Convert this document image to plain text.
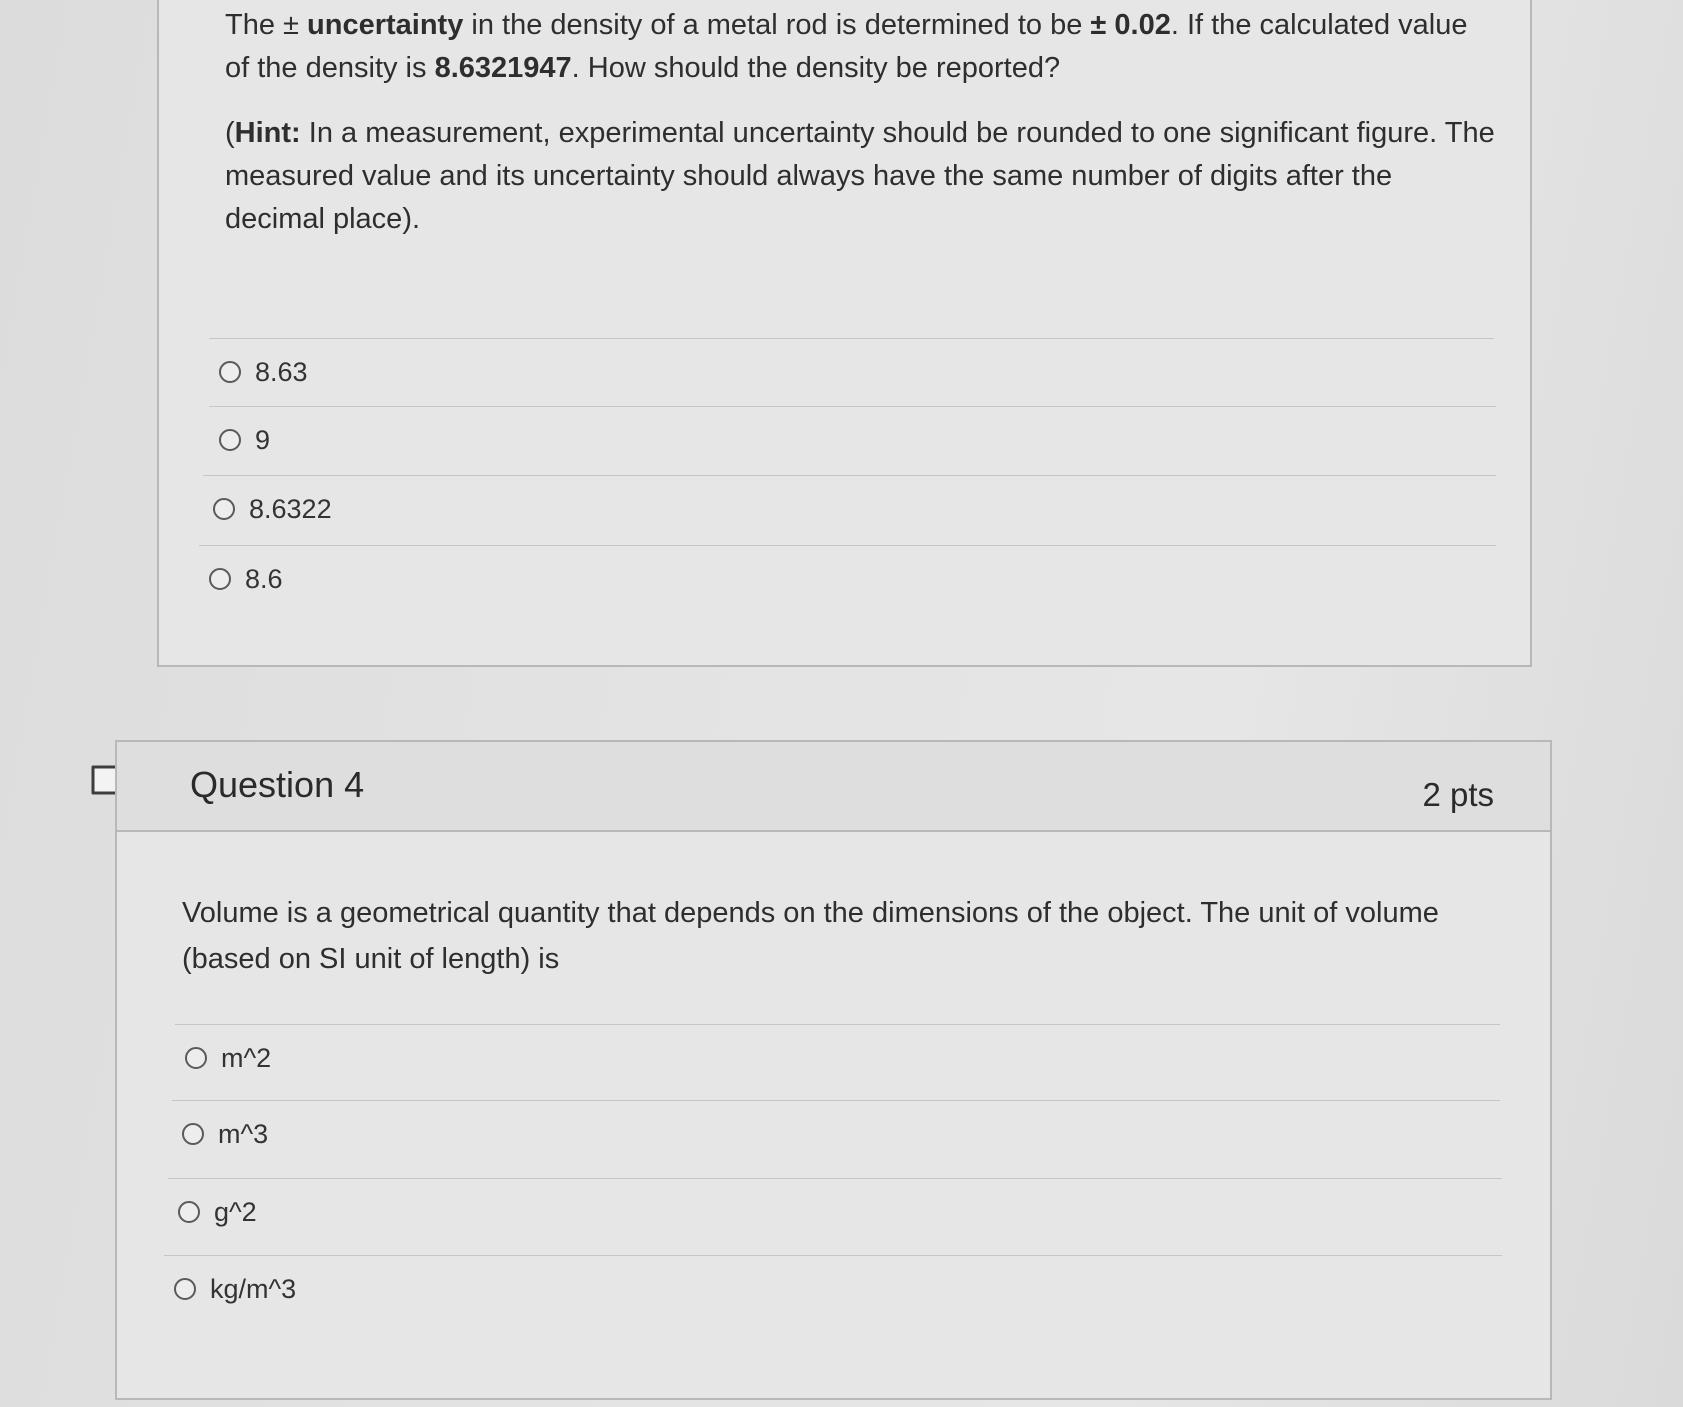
The ± uncertainty in the density of a metal rod is determined to be ± 0.02. If the calculated value of the density is 8.6321947. How should the density be reported?

(Hint: In a measurement, experimental uncertainty should be rounded to one significant figure. The measured value and its uncertainty should always have the same number of digits after the decimal place).

8.63
9
8.6322
8.6
Question 4	2 pts
Volume is a geometrical quantity that depends on the dimensions of the object. The unit of volume (based on SI unit of length) is
m^2
m^3
g^2
kg/m^3
